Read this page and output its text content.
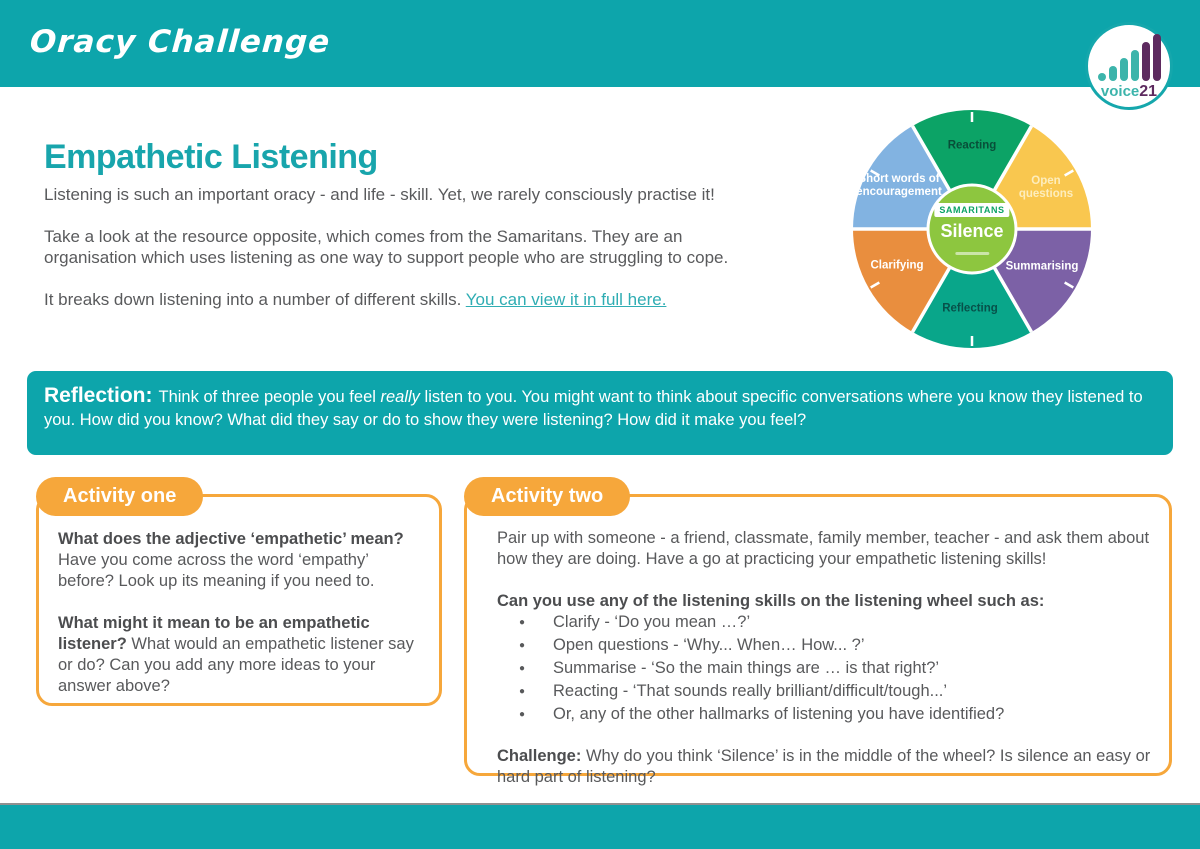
Oracy Challenge
voice21
Empathetic Listening

Listening is such an important oracy - and life - skill. Yet, we rarely consciously practise it!

Take a look at the resource opposite, which comes from the Samaritans. They are an organisation which uses listening as one way to support people who are struggling to cope.

It breaks down listening into a number of different skills. You can view it in full here.

Reacting
Open questions
Summarising
Reflecting
Clarifying
Short words of encouragement
SAMARITANS
Silence
Reflection: Think of three people you feel really listen to you. You might want to think about specific conversations where you know they listened to you. How did you know? What did they say or do to show they were listening? How did it make you feel?
Activity one

What does the adjective ‘empathetic’ mean? Have you come across the word ‘empathy’ before? Look up its meaning if you need to.

What might it mean to be an empathetic listener? What would an empathetic listener say or do? Can you add any more ideas to your answer above?

Activity two

Pair up with someone - a friend, classmate, family member, teacher - and ask them about how they are doing. Have a go at practicing your empathetic listening skills!

Can you use any of the listening skills on the listening wheel such as:
●	Clarify - ‘Do you mean …?’
●	Open questions - ‘Why... When… How... ?’
●	Summarise - ‘So the main things are … is that right?’
●	Reacting - ‘That sounds really brilliant/difficult/tough...’
●	Or, any of the other hallmarks of listening you have identified?

Challenge: Why do you think ‘Silence’ is in the middle of the wheel? Is silence an easy or hard part of listening?
